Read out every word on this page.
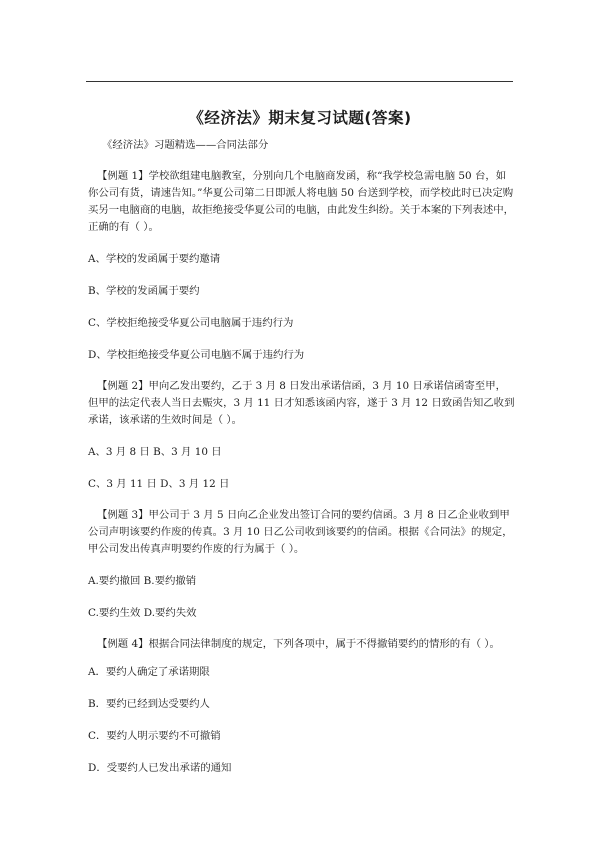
《经济法》期末复习试题(答案)

《经济法》习题精选——合同法部分

【例题 1】学校欲组建电脑教室，分别向几个电脑商发函，称“我学校急需电脑 50 台，如你公司有货，请速告知。”华夏公司第二日即派人将电脑 50 台送到学校，而学校此时已决定购买另一电脑商的电脑，故拒绝接受华夏公司的电脑，由此发生纠纷。关于本案的下列表述中，正确的有（ ）。

A、学校的发函属于要约邀请

B、学校的发函属于要约

C、学校拒绝接受华夏公司电脑属于违约行为

D、学校拒绝接受华夏公司电脑不属于违约行为

【例题 2】甲向乙发出要约，乙于 3 月 8 日发出承诺信函，3 月 10 日承诺信函寄至甲，但甲的法定代表人当日去赈灾，3 月 11 日才知悉该函内容，遂于 3 月 12 日致函告知乙收到承诺，该承诺的生效时间是（ ）。

A、3 月 8 日 B、3 月 10 日

C、3 月 11 日 D、3 月 12 日

【例题 3】甲公司于 3 月 5 日向乙企业发出签订合同的要约信函。3 月 8 日乙企业收到甲公司声明该要约作废的传真。3 月 10 日乙公司收到该要约的信函。根据《合同法》的规定，甲公司发出传真声明要约作废的行为属于（ ）。

A.要约撤回 B.要约撤销

C.要约生效 D.要约失效

【例题 4】根据合同法律制度的规定，下列各项中，属于不得撤销要约的情形的有（ ）。

A．要约人确定了承诺期限

B．要约已经到达受要约人

C．要约人明示要约不可撤销

D．受要约人已发出承诺的通知
